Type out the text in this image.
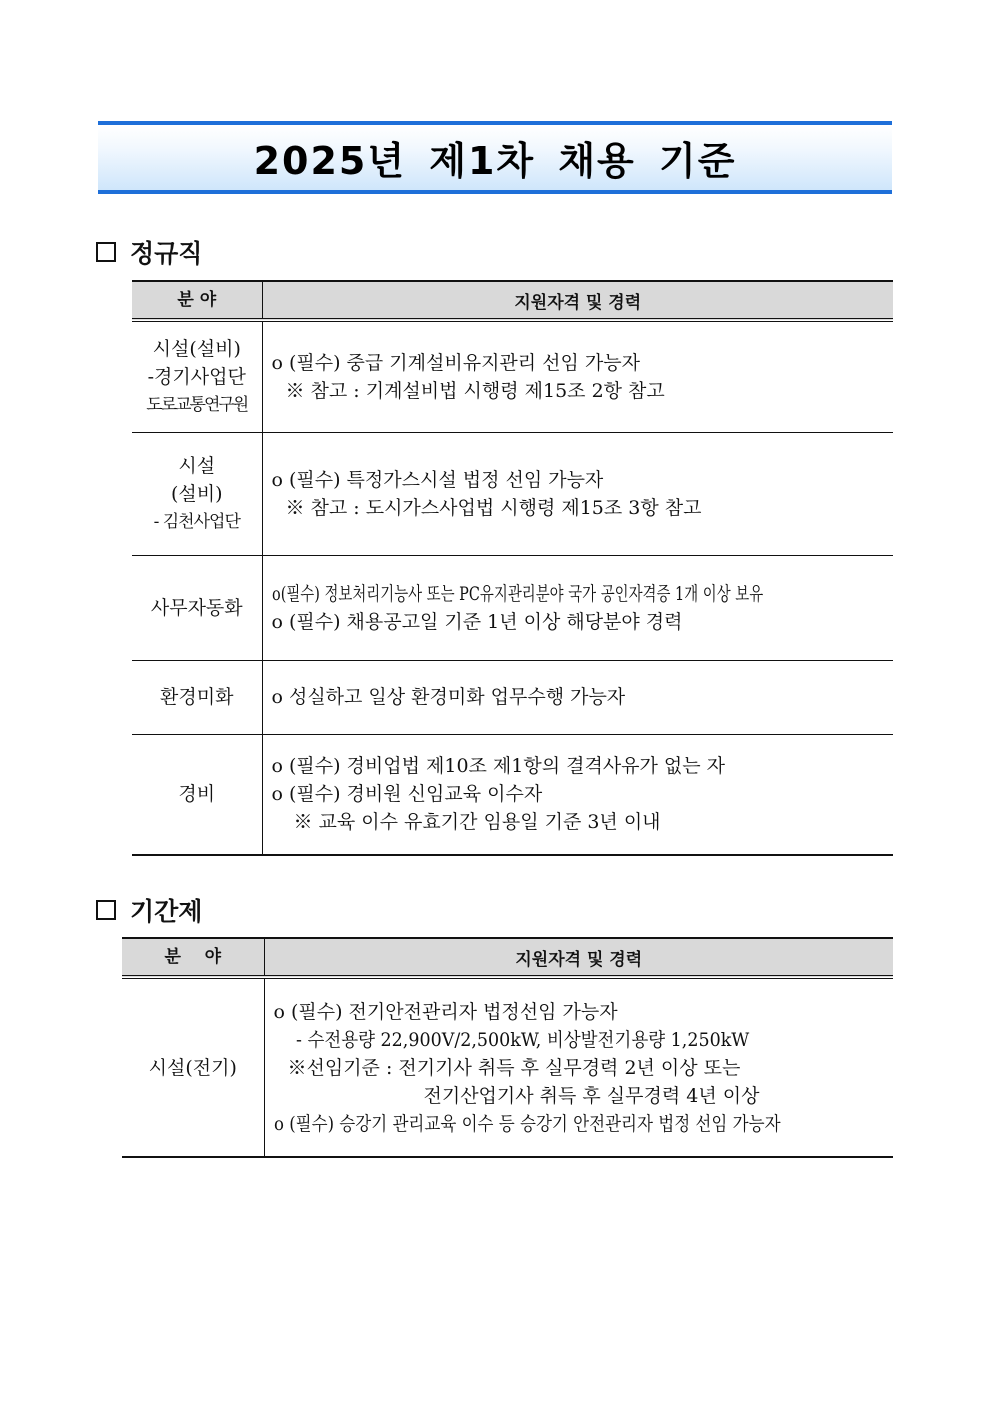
2025년 제1차 채용 기준
정규직
분 야	지원자격 및 경력

시설(설비)
-경기사업단
도로교통연구원	o (필수) 중급 기계설비유지관리 선임 가능자
※ 참고 : 기계설비법 시행령 제15조 2항 참고

시설
(설비)
- 김천사업단	o (필수) 특정가스시설 법정 선임 가능자
※ 참고 : 도시가스사업법 시행령 제15조 3항 참고

사무자동화	o(필수) 정보처리기능사 또는 PC유지관리분야 국가 공인자격증 1개 이상 보유
o (필수) 채용공고일 기준 1년 이상 해당분야 경력

환경미화	o 성실하고 일상 환경미화 업무수행 가능자

경비	o (필수) 경비업법 제10조 제1항의 결격사유가 없는 자
o (필수) 경비원 신임교육 이수자
※ 교육 이수 유효기간 임용일 기준 3년 이내
기간제
분    야	지원자격 및 경력

시설(전기)	o (필수) 전기안전관리자 법정선임 가능자
- 수전용량 22,900V/2,500kW, 비상발전기용량 1,250kW
※선임기준 : 전기기사 취득 후 실무경력 2년 이상 또는
전기산업기사 취득 후 실무경력 4년 이상
o (필수) 승강기 관리교육 이수 등 승강기 안전관리자 법정 선임 가능자
